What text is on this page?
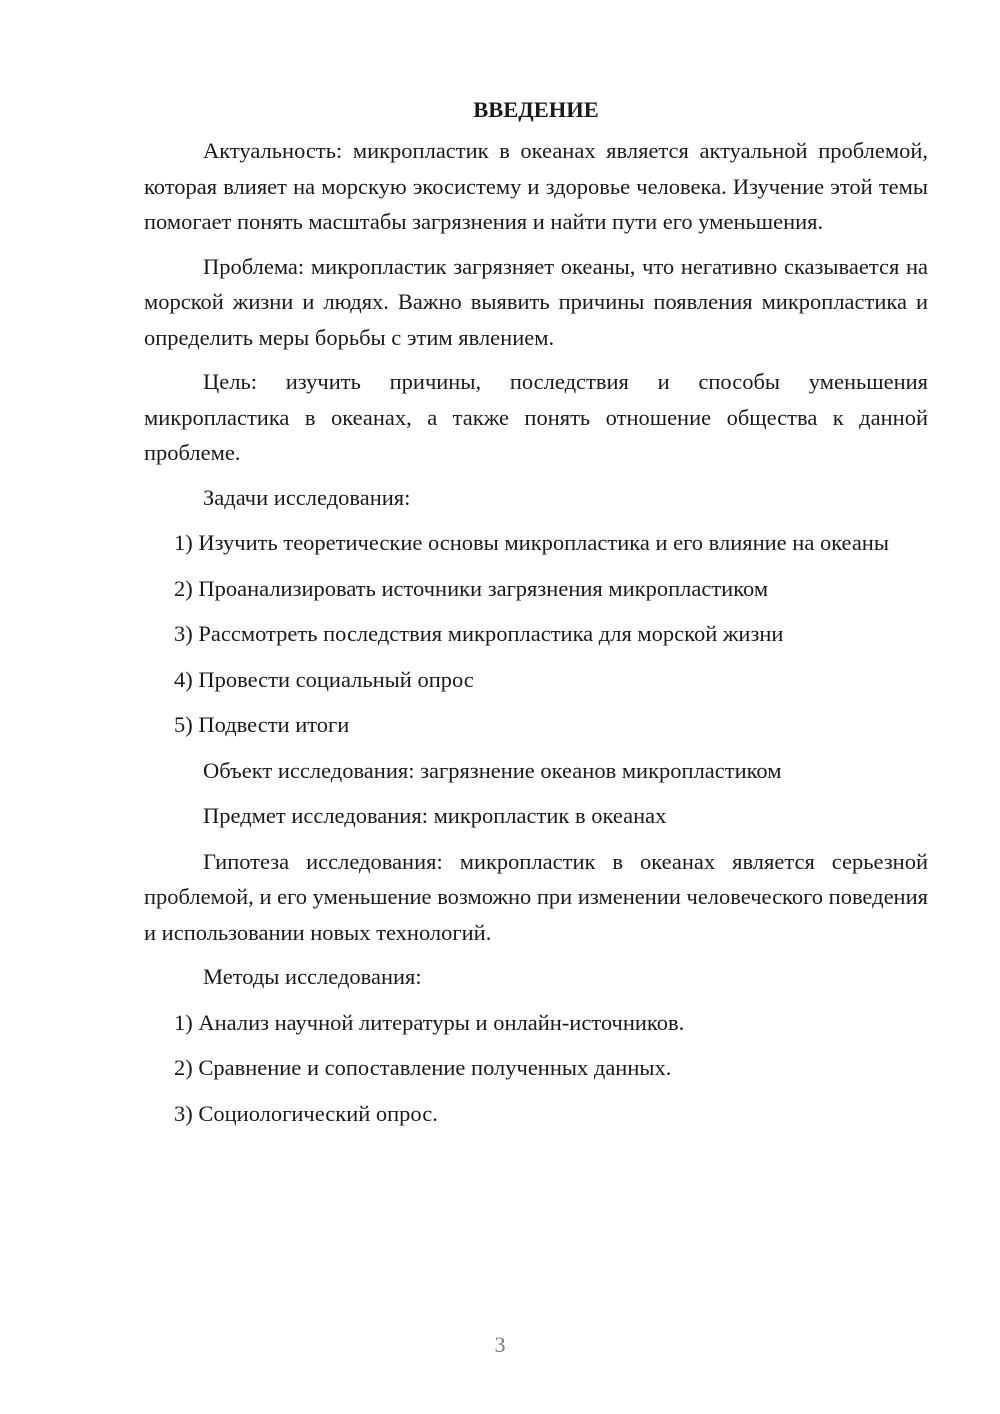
ВВЕДЕНИЕ

Актуальность: микропластик в океанах является актуальной проблемой, которая влияет на морскую экосистему и здоровье человека. Изучение этой темы помогает понять масштабы загрязнения и найти пути его уменьшения.

Проблема: микропластик загрязняет океаны, что негативно сказывается на морской жизни и людях. Важно выявить причины появления микропластика и определить меры борьбы с этим явлением.

Цель: изучить причины, последствия и способы уменьшения микропластика в океанах, а также понять отношение общества к данной проблеме.

Задачи исследования:

1) Изучить теоретические основы микропластика и его влияние на океаны

2) Проанализировать источники загрязнения микропластиком

3) Рассмотреть последствия микропластика для морской жизни

4) Провести социальный опрос

5) Подвести итоги

Объект исследования: загрязнение океанов микропластиком

Предмет исследования: микропластик в океанах

Гипотеза исследования: микропластик в океанах является серьезной проблемой, и его уменьшение возможно при изменении человеческого поведения и использовании новых технологий.

Методы исследования:

1) Анализ научной литературы и онлайн-источников.

2) Сравнение и сопоставление полученных данных.

3) Социологический опрос.

3
